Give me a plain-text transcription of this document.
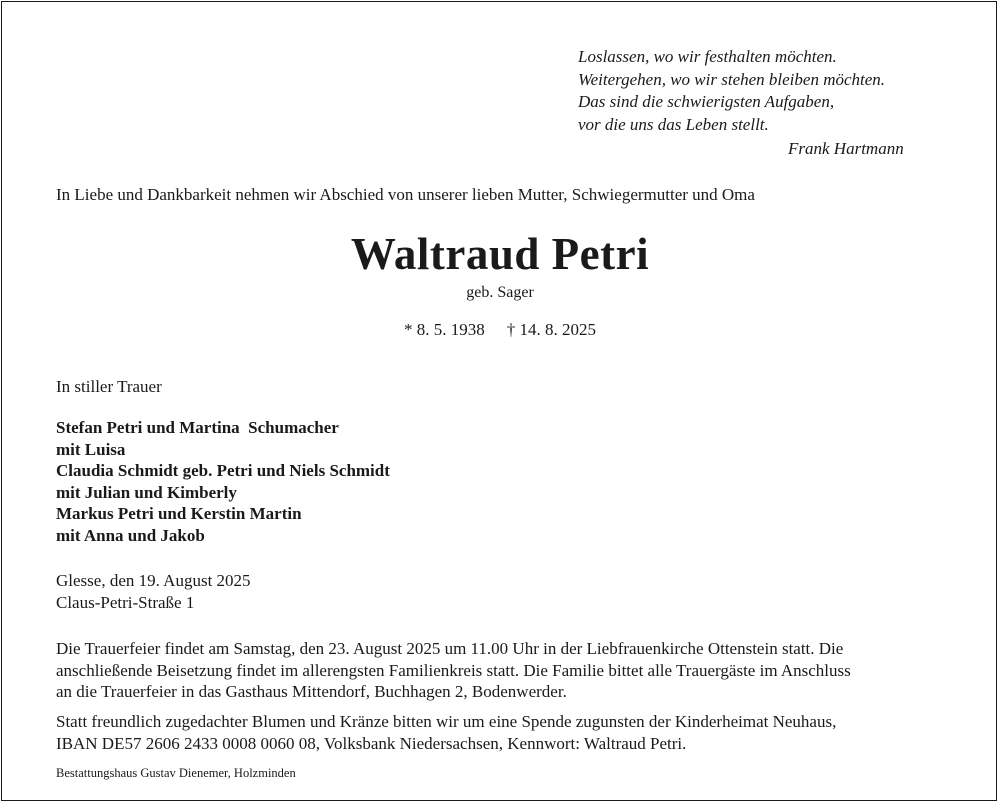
Loslassen, wo wir festhalten möchten.
Weitergehen, wo wir stehen bleiben möchten.
Das sind die schwierigsten Aufgaben,
vor die uns das Leben stellt.
Frank Hartmann
In Liebe und Dankbarkeit nehmen wir Abschied von unserer lieben Mutter, Schwiegermutter und Oma
Waltraud Petri
geb. Sager
* 8. 5. 1938 † 14. 8. 2025
In stiller Trauer
Stefan Petri und Martina  Schumacher
mit Luisa
Claudia Schmidt geb. Petri und Niels Schmidt
mit Julian und Kimberly
Markus Petri und Kerstin Martin
mit Anna und Jakob
Glesse, den 19. August 2025
Claus-Petri-Straße 1
Die Trauerfeier findet am Samstag, den 23. August 2025 um 11.00 Uhr in der Liebfrauenkirche Ottenstein statt. Die
anschließende Beisetzung findet im allerengsten Familienkreis statt. Die Familie bittet alle Trauergäste im Anschluss
an die Trauerfeier in das Gasthaus Mittendorf, Buchhagen 2, Bodenwerder.
Statt freundlich zugedachter Blumen und Kränze bitten wir um eine Spende zugunsten der Kinderheimat Neuhaus,
IBAN DE57 2606 2433 0008 0060 08, Volksbank Niedersachsen, Kennwort: Waltraud Petri.
Bestattungshaus Gustav Dienemer, Holzminden
